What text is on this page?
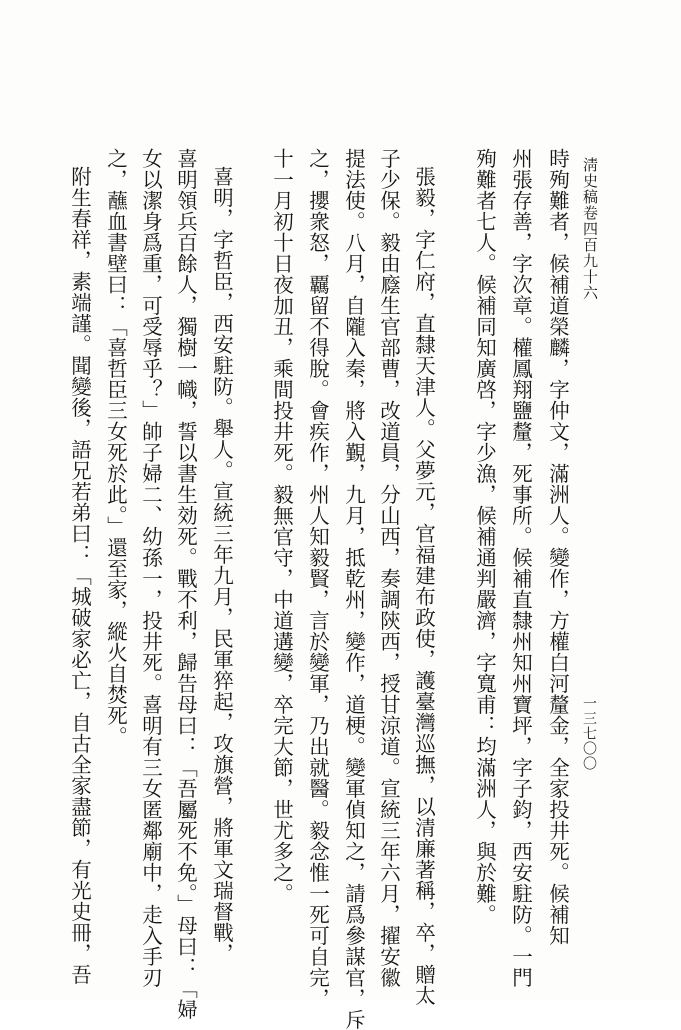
淸史稿卷四百九十六
一三七〇〇
時殉難者，候補道榮麟，字仲文，滿洲人。變作，方權白河釐金，全家投井死。候補知
州張存善，字次章。權鳳翔鹽釐，死事所。候補直隸州知州寶坪，字子鈞，西安駐防。一門
殉難者七人。候補同知廣啓，字少漁，候補通判嚴濟，字寬甫：均滿洲人，與於難。
張毅，字仁府，直隸天津人。父夢元，官福建布政使，護臺灣巡撫，以清廉著稱，卒，贈太
子少保。毅由廕生官部曹，改道員，分山西，奏調陝西，授甘涼道。宣統三年六月，擢安徽
提法使。八月，自隴入秦，將入覲，九月，抵乾州，變作，道梗。變軍偵知之，請爲參謀官，斥
之，攖衆怒，覊留不得脫。會疾作，州人知毅賢，言於變軍，乃出就醫。毅念惟一死可自完，
十一月初十日夜加丑，乘間投井死。毅無官守，中道遘變，卒完大節，世尤多之。
喜明，字哲臣，西安駐防。舉人。宣統三年九月，民軍猝起，攻旗營，將軍文瑞督戰，
喜明領兵百餘人，獨樹一幟，誓以書生効死。戰不利，歸告母曰：「吾屬死不免。」母曰：「婦
女以潔身爲重，可受辱乎？」帥子婦二、幼孫一，投井死。喜明有三女匿鄰廟中，走入手刃
之，蘸血書壁曰：「喜哲臣三女死於此。」還至家，縱火自焚死。
附生春祥，素端謹。聞變後，語兄若弟曰：「城破家必亡，自古全家盡節，有光史冊，吾
